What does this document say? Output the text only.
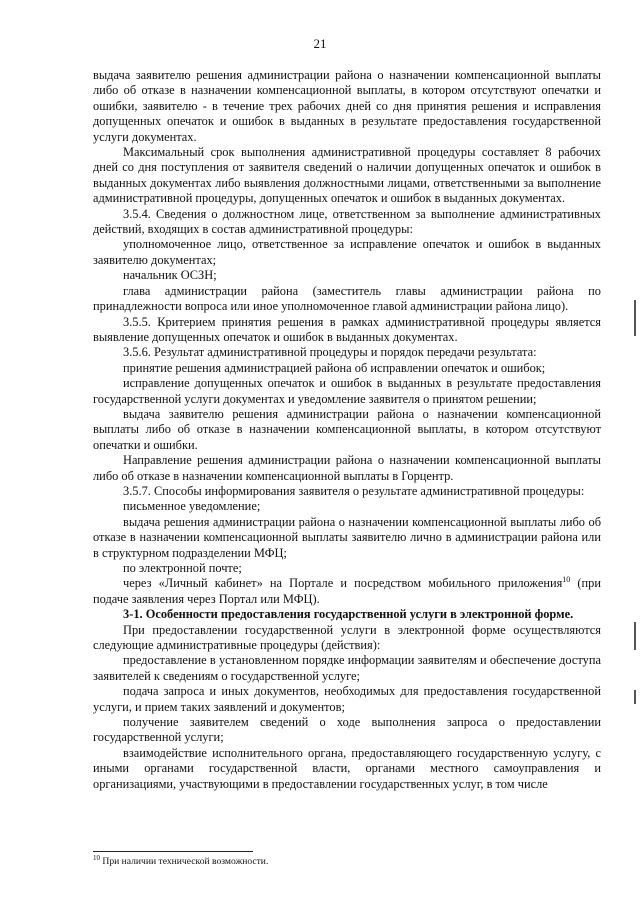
21

выдача заявителю решения администрации района о назначении компенсационной выплаты либо об отказе в назначении компенсационной выплаты, в котором отсутствуют опечатки и ошибки, заявителю - в течение трех рабочих дней со дня принятия решения и исправления допущенных опечаток и ошибок в выданных в результате предоставления государственной услуги документах.

Максимальный срок выполнения административной процедуры составляет 8 рабочих дней со дня поступления от заявителя сведений о наличии допущенных опечаток и ошибок в выданных документах либо выявления должностными лицами, ответственными за выполнение административной процедуры, допущенных опечаток и ошибок в выданных документах.

3.5.4. Сведения о должностном лице, ответственном за выполнение административных действий, входящих в состав административной процедуры:

уполномоченное лицо, ответственное за исправление опечаток и ошибок в выданных заявителю документах;

начальник ОСЗН;

глава администрации района (заместитель главы администрации района по принадлежности вопроса или иное уполномоченное главой администрации района лицо).

3.5.5. Критерием принятия решения в рамках административной процедуры является выявление допущенных опечаток и ошибок в выданных документах.

3.5.6. Результат административной процедуры и порядок передачи результата:

принятие решения администрацией района об исправлении опечаток и ошибок;

исправление допущенных опечаток и ошибок в выданных в результате предоставления государственной услуги документах и уведомление заявителя о принятом решении;

выдача заявителю решения администрации района о назначении компенсационной выплаты либо об отказе в назначении компенсационной выплаты, в котором отсутствуют опечатки и ошибки.

Направление решения администрации района о назначении компенсационной выплаты либо об отказе в назначении компенсационной выплаты в Горцентр.

3.5.7. Способы информирования заявителя о результате административной процедуры:

письменное уведомление;

выдача решения администрации района о назначении компенсационной выплаты либо об отказе в назначении компенсационной выплаты заявителю лично в администрации района или в структурном подразделении МФЦ;

по электронной почте;

через «Личный кабинет» на Портале и посредством мобильного приложения$^{10}$ (при подаче заявления через Портал или МФЦ).

3-1. Особенности предоставления государственной услуги в электронной форме.

При предоставлении государственной услуги в электронной форме осуществляются следующие административные процедуры (действия):

предоставление в установленном порядке информации заявителям и обеспечение доступа заявителей к сведениям о государственной услуге;

подача запроса и иных документов, необходимых для предоставления государственной услуги, и прием таких заявлений и документов;

получение заявителем сведений о ходе выполнения запроса о предоставлении государственной услуги;

взаимодействие исполнительного органа, предоставляющего государственную услугу, с иными органами государственной власти, органами местного самоуправления и организациями, участвующими в предоставлении государственных услуг, в том числе

$^{10}$ При наличии технической возможности.
